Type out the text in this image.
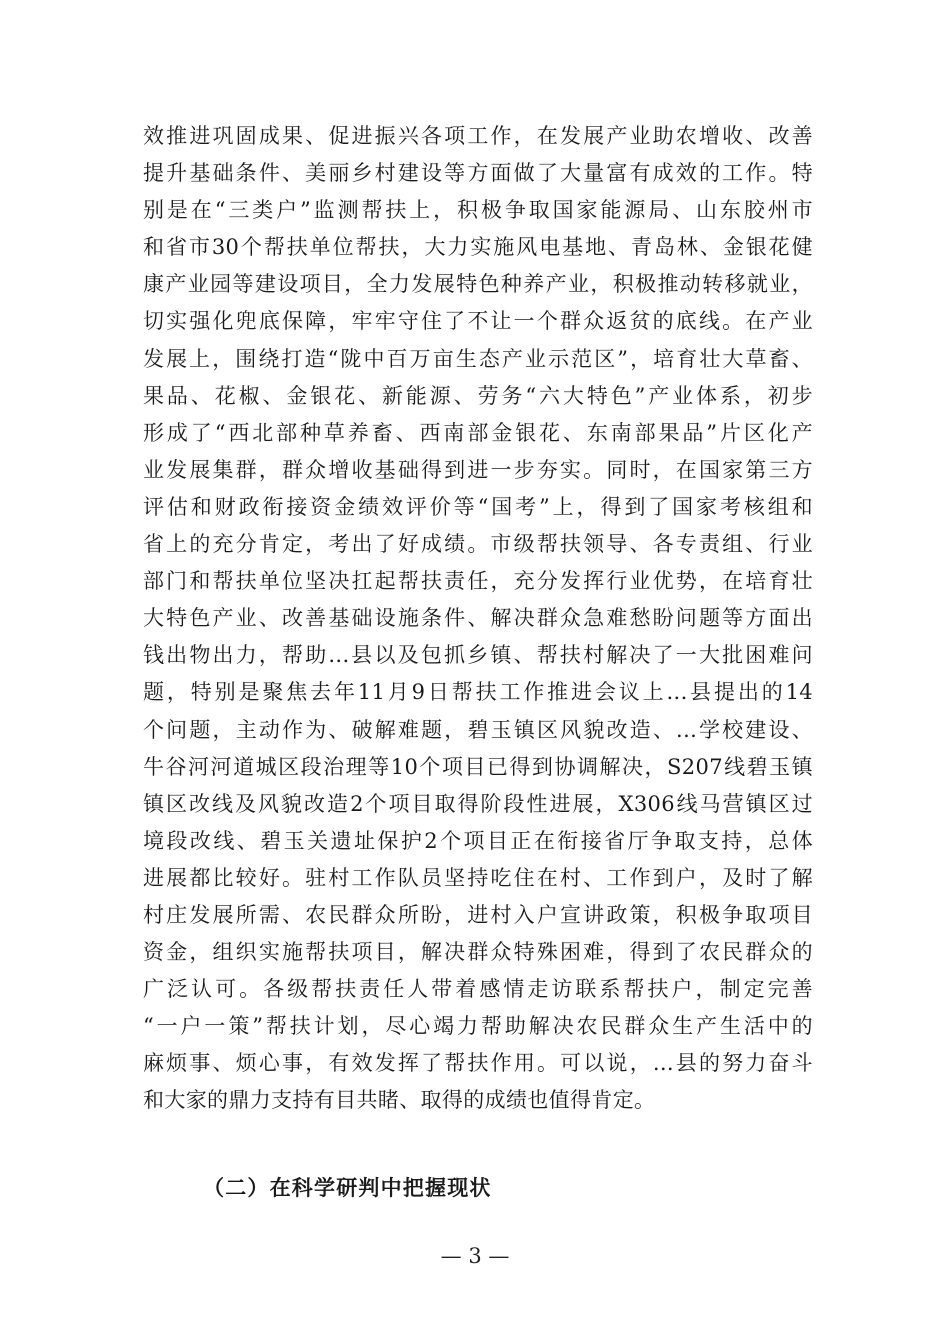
效推进巩固成果、促进振兴各项工作，在发展产业助农增收、改善
提升基础条件、美丽乡村建设等方面做了大量富有成效的工作。特
别是在“三类户”监测帮扶上，积极争取国家能源局、山东胶州市
和省市30个帮扶单位帮扶，大力实施风电基地、青岛林、金银花健
康产业园等建设项目，全力发展特色种养产业，积极推动转移就业，
切实强化兜底保障，牢牢守住了不让一个群众返贫的底线。在产业
发展上，围绕打造“陇中百万亩生态产业示范区”，培育壮大草畜、
果品、花椒、金银花、新能源、劳务“六大特色”产业体系，初步
形成了“西北部种草养畜、西南部金银花、东南部果品”片区化产
业发展集群，群众增收基础得到进一步夯实。同时，在国家第三方
评估和财政衔接资金绩效评价等“国考”上，得到了国家考核组和
省上的充分肯定，考出了好成绩。市级帮扶领导、各专责组、行业
部门和帮扶单位坚决扛起帮扶责任，充分发挥行业优势，在培育壮
大特色产业、改善基础设施条件、解决群众急难愁盼问题等方面出
钱出物出力，帮助...县以及包抓乡镇、帮扶村解决了一大批困难问
题，特别是聚焦去年11月9日帮扶工作推进会议上...县提出的14
个问题，主动作为、破解难题，碧玉镇区风貌改造、...学校建设、
牛谷河河道城区段治理等10个项目已得到协调解决，S207线碧玉镇
镇区改线及风貌改造2个项目取得阶段性进展，X306线马营镇区过
境段改线、碧玉关遗址保护2个项目正在衔接省厅争取支持，总体
进展都比较好。驻村工作队员坚持吃住在村、工作到户，及时了解
村庄发展所需、农民群众所盼，进村入户宣讲政策，积极争取项目
资金，组织实施帮扶项目，解决群众特殊困难，得到了农民群众的
广泛认可。各级帮扶责任人带着感情走访联系帮扶户，制定完善
“一户一策”帮扶计划，尽心竭力帮助解决农民群众生产生活中的
麻烦事、烦心事，有效发挥了帮扶作用。可以说，...县的努力奋斗
和大家的鼎力支持有目共睹、取得的成绩也值得肯定。
（二）在科学研判中把握现状
— 3 —
